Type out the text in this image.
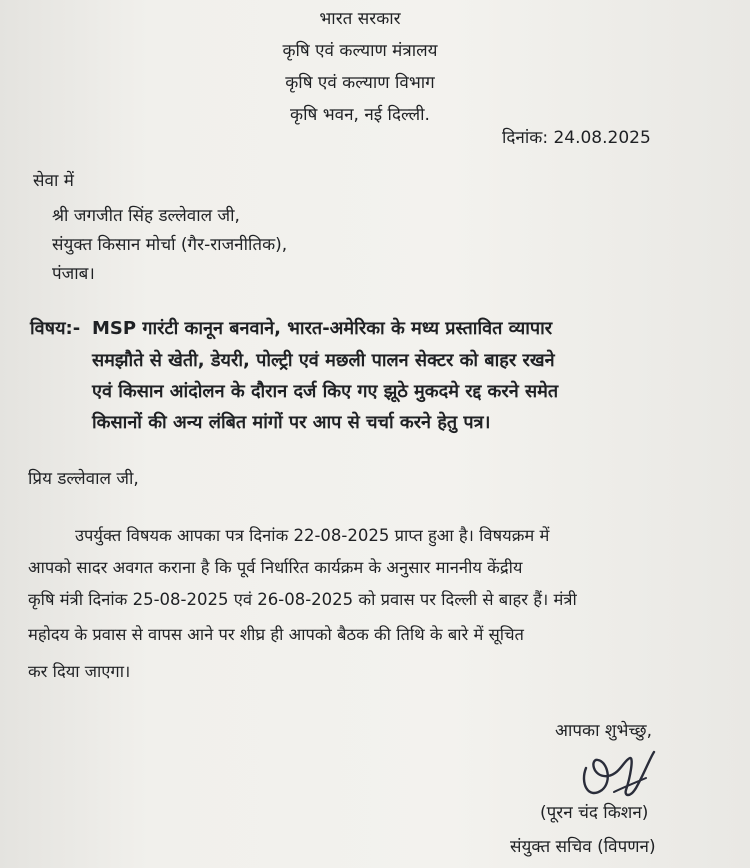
भारत सरकार
कृषि एवं कल्याण मंत्रालय
कृषि एवं कल्याण विभाग
कृषि भवन, नई दिल्ली.
दिनांक: 24.08.2025
सेवा में
श्री जगजीत सिंह डल्लेवाल जी,
संयुक्त किसान मोर्चा (गैर-राजनीतिक),
पंजाब।
विषय:- MSP गारंटी कानून बनवाने, भारत-अमेरिका के मध्य प्रस्तावित व्यापार
समझौते से खेती, डेयरी, पोल्ट्री एवं मछली पालन सेक्टर को बाहर रखने
एवं किसान आंदोलन के दौरान दर्ज किए गए झूठे मुकदमे रद्द करने समेत
किसानों की अन्य लंबित मांगों पर आप से चर्चा करने हेतु पत्र।
प्रिय डल्लेवाल जी,
उपर्युक्त विषयक आपका पत्र दिनांक 22-08-2025 प्राप्त हुआ है। विषयक्रम में
आपको सादर अवगत कराना है कि पूर्व निर्धारित कार्यक्रम के अनुसार माननीय केंद्रीय
कृषि मंत्री दिनांक 25-08-2025 एवं 26-08-2025 को प्रवास पर दिल्ली से बाहर हैं। मंत्री
महोदय के प्रवास से वापस आने पर शीघ्र ही आपको बैठक की तिथि के बारे में सूचित
कर दिया जाएगा।
आपका शुभेच्छु,
(पूरन चंद किशन)
संयुक्त सचिव (विपणन)
